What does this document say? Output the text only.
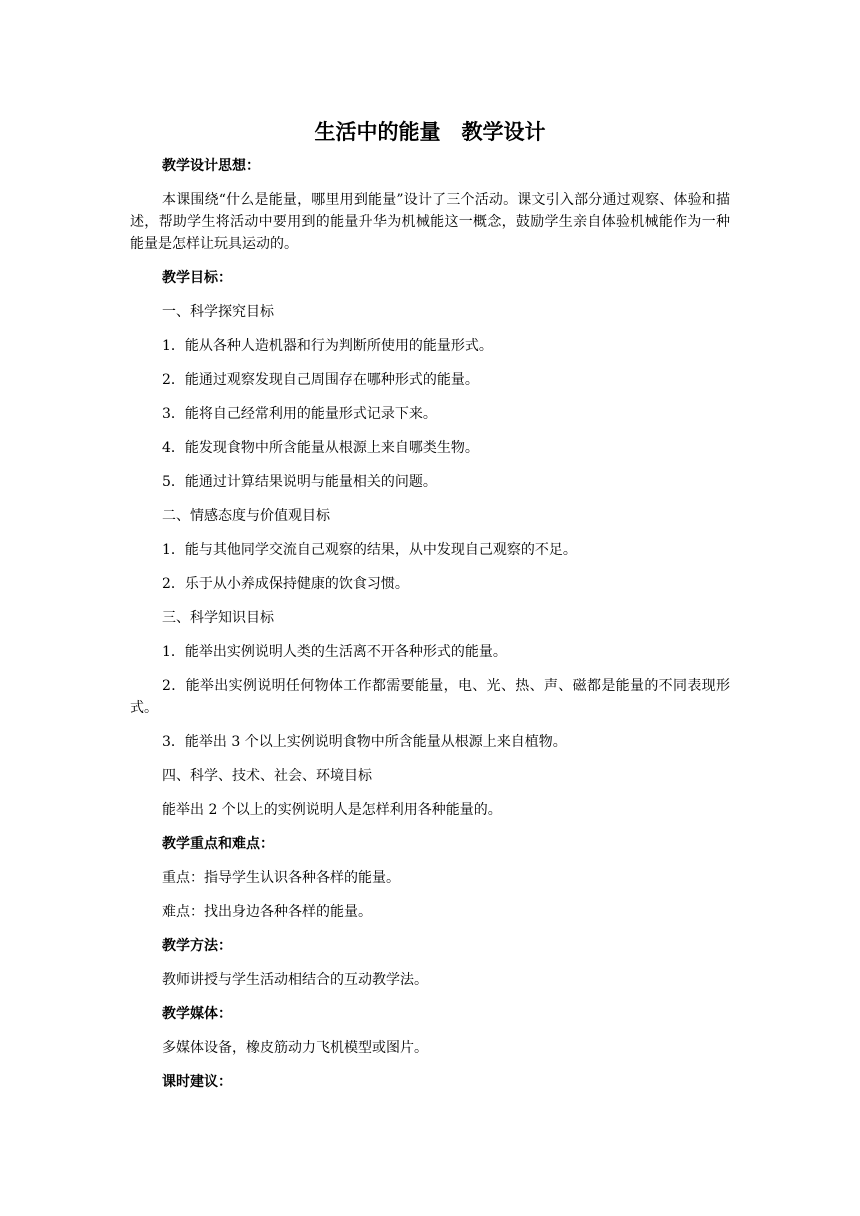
生活中的能量　教学设计

教学设计思想：

本课围绕“什么是能量，哪里用到能量”设计了三个活动。课文引入部分通过观察、体验和描述，帮助学生将活动中要用到的能量升华为机械能这一概念，鼓励学生亲自体验机械能作为一种能量是怎样让玩具运动的。

教学目标：

一、科学探究目标

1．能从各种人造机器和行为判断所使用的能量形式。

2．能通过观察发现自己周围存在哪种形式的能量。

3．能将自己经常利用的能量形式记录下来。

4．能发现食物中所含能量从根源上来自哪类生物。

5．能通过计算结果说明与能量相关的问题。

二、情感态度与价值观目标

1．能与其他同学交流自己观察的结果，从中发现自己观察的不足。

2．乐于从小养成保持健康的饮食习惯。

三、科学知识目标

1．能举出实例说明人类的生活离不开各种形式的能量。

2．能举出实例说明任何物体工作都需要能量，电、光、热、声、磁都是能量的不同表现形式。

3．能举出 3 个以上实例说明食物中所含能量从根源上来自植物。

四、科学、技术、社会、环境目标

能举出 2 个以上的实例说明人是怎样利用各种能量的。

教学重点和难点：

重点：指导学生认识各种各样的能量。

难点：找出身边各种各样的能量。

教学方法：

教师讲授与学生活动相结合的互动教学法。

教学媒体：

多媒体设备，橡皮筋动力飞机模型或图片。

课时建议：
